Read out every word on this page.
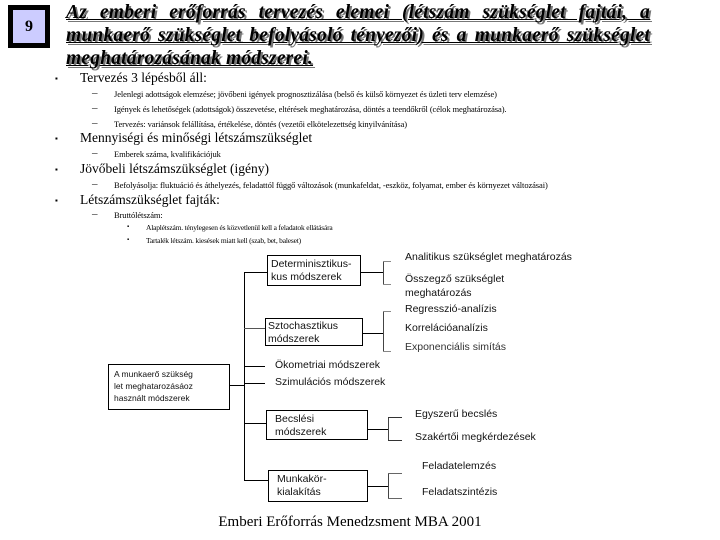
9
Az emberi erőforrás tervezés elemei (létszám szükséglet fajtái, a munkaerő szükséglet befolyásoló tényezői) és a munkaerő szükséglet meghatározásának módszerei.
▪ Tervezés 3 lépésből áll:
– Jelenlegi adottságok elemzése; jövőbeni igények prognosztizálása (belső és külső környezet és üzleti terv elemzése)
– Igények és lehetőségek (adottságok) összevetése, eltérések meghatározása, döntés a teendőkről (célok meghatározása).
– Tervezés: variánsok felállítása, értékelése, döntés (vezetői elkötelezettség kinyilvánítása)
▪ Mennyiségi és minőségi létszámszükséglet
– Emberek száma, kvalifikációjuk
▪ Jövőbeli létszámszükséglet (igény)
– Befolyásolja: fluktuáció és áthelyezés, feladattól függő változások (munkafeldat, -eszköz, folyamat, ember és környezet változásai)
▪ Létszámszükséglet fajták:
– Bruttólétszám:
▪ Alaplétszám. ténylegesen és közvetlenül kell a feladatok ellátására
▪ Tartalék létszám. kiesések miatt kell (szab, bet, baleset)
A munkaerő szükség
let meghatarozásáoz
használt módszerek
Determinisztikus-
kus módszerek
Analitikus szükséglet meghatározás
Összegző szükséglet
meghatározás
Sztochasztikus
módszerek
Regresszió-analízis
Korrelációanalízis
Exponenciális simítás
Ökometriai módszerek
Szimulációs módszerek
Becslési
módszerek
Egyszerű becslés
Szakértői megkérdezések
Munkakör-
kialakítás
Feladatelemzés
Feladatszintézis
Emberi Erőforrás Menedzsment MBA 2001
